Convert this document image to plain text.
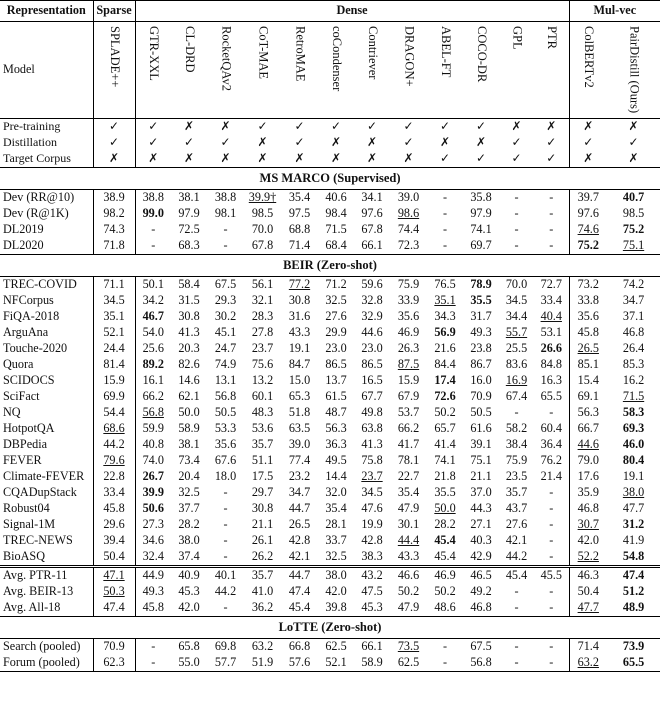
Representation	Sparse	Dense												Mul-vec	
Model	SPLADE++	GTR-XXL	CL-DRD	RocketQAv2	CoT-MAE	RetroMAE	coCondenser	Contriever	DRAGON+	ABEL-FT	COCO-DR	GPL	PTR	ColBERTv2	PairDistill (Ours)
Pre-training	✓	✓	✗	✗	✓	✓	✓	✓	✓	✓	✓	✗	✗	✗	✗
Distillation	✓	✓	✓	✓	✗	✓	✗	✗	✓	✗	✗	✓	✓	✓	✓
Target Corpus	✗	✗	✗	✗	✗	✗	✗	✗	✗	✓	✓	✓	✓	✗	✗
MS MARCO (Supervised)															
Dev (RR@10)	38.9	38.8	38.1	38.8	39.9†	35.4	40.6	34.1	39.0	-	35.8	-	-	39.7	40.7
Dev (R@1K)	98.2	99.0	97.9	98.1	98.5	97.5	98.4	97.6	98.6	-	97.9	-	-	97.6	98.5
DL2019	74.3	-	72.5	-	70.0	68.8	71.5	67.8	74.4	-	74.1	-	-	74.6	75.2
DL2020	71.8	-	68.3	-	67.8	71.4	68.4	66.1	72.3	-	69.7	-	-	75.2	75.1
BEIR (Zero-shot)															
TREC-COVID	71.1	50.1	58.4	67.5	56.1	77.2	71.2	59.6	75.9	76.5	78.9	70.0	72.7	73.2	74.2
NFCorpus	34.5	34.2	31.5	29.3	32.1	30.8	32.5	32.8	33.9	35.1	35.5	34.5	33.4	33.8	34.7
FiQA-2018	35.1	46.7	30.8	30.2	28.3	31.6	27.6	32.9	35.6	34.3	31.7	34.4	40.4	35.6	37.1
ArguAna	52.1	54.0	41.3	45.1	27.8	43.3	29.9	44.6	46.9	56.9	49.3	55.7	53.1	45.8	46.8
Touche-2020	24.4	25.6	20.3	24.7	23.7	19.1	23.0	23.0	26.3	21.6	23.8	25.5	26.6	26.5	26.4
Quora	81.4	89.2	82.6	74.9	75.6	84.7	86.5	86.5	87.5	84.4	86.7	83.6	84.8	85.1	85.3
SCIDOCS	15.9	16.1	14.6	13.1	13.2	15.0	13.7	16.5	15.9	17.4	16.0	16.9	16.3	15.4	16.2
SciFact	69.9	66.2	62.1	56.8	60.1	65.3	61.5	67.7	67.9	72.6	70.9	67.4	65.5	69.1	71.5
NQ	54.4	56.8	50.0	50.5	48.3	51.8	48.7	49.8	53.7	50.2	50.5	-	-	56.3	58.3
HotpotQA	68.6	59.9	58.9	53.3	53.6	63.5	56.3	63.8	66.2	65.7	61.6	58.2	60.4	66.7	69.3
DBPedia	44.2	40.8	38.1	35.6	35.7	39.0	36.3	41.3	41.7	41.4	39.1	38.4	36.4	44.6	46.0
FEVER	79.6	74.0	73.4	67.6	51.1	77.4	49.5	75.8	78.1	74.1	75.1	75.9	76.2	79.0	80.4
Climate-FEVER	22.8	26.7	20.4	18.0	17.5	23.2	14.4	23.7	22.7	21.8	21.1	23.5	21.4	17.6	19.1
CQADupStack	33.4	39.9	32.5	-	29.7	34.7	32.0	34.5	35.4	35.5	37.0	35.7	-	35.9	38.0
Robust04	45.8	50.6	37.7	-	30.8	44.7	35.4	47.6	47.9	50.0	44.3	43.7	-	46.8	47.7
Signal-1M	29.6	27.3	28.2	-	21.1	26.5	28.1	19.9	30.1	28.2	27.1	27.6	-	30.7	31.2
TREC-NEWS	39.4	34.6	38.0	-	26.1	42.8	33.7	42.8	44.4	45.4	40.3	42.1	-	42.0	41.9
BioASQ	50.4	32.4	37.4	-	26.2	42.1	32.5	38.3	43.3	45.4	42.9	44.2	-	52.2	54.8
Avg. PTR-11	47.1	44.9	40.9	40.1	35.7	44.7	38.0	43.2	46.6	46.9	46.5	45.4	45.5	46.3	47.4
Avg. BEIR-13	50.3	49.3	45.3	44.2	41.0	47.4	42.0	47.5	50.2	50.2	49.2	-	-	50.4	51.2
Avg. All-18	47.4	45.8	42.0	-	36.2	45.4	39.8	45.3	47.9	48.6	46.8	-	-	47.7	48.9
LoTTE (Zero-shot)															
Search (pooled)	70.9	-	65.8	69.8	63.2	66.8	62.5	66.1	73.5	-	67.5	-	-	71.4	73.9
Forum (pooled)	62.3	-	55.0	57.7	51.9	57.6	52.1	58.9	62.5	-	56.8	-	-	63.2	65.5
